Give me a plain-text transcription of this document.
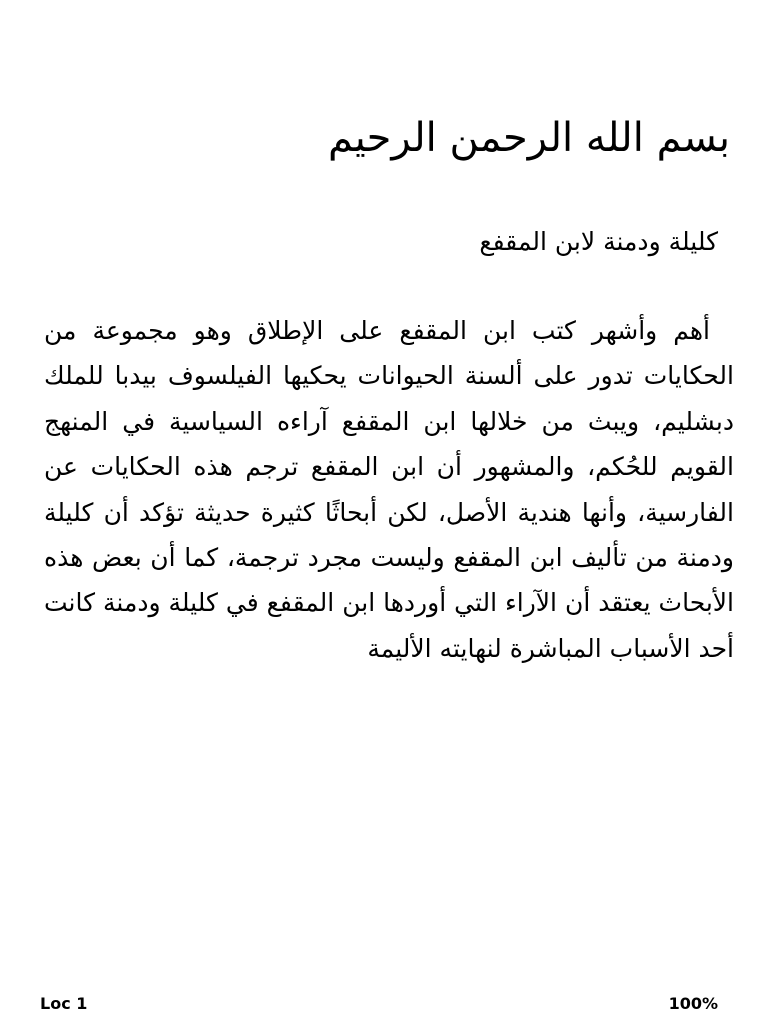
بسم الله الرحمن الرحيم
كليلة ودمنة لابن المقفع
أهم وأشهر كتب ابن المقفع على الإطلاق وهو مجموعة من الحكايات تدور على ألسنة الحيوانات يحكيها الفيلسوف بيدبا للملك دبشليم، ويبث من خلالها ابن المقفع آراءه السياسية في المنهج القويم للحُكم، والمشهور أن ابن المقفع ترجم هذه الحكايات عن الفارسية، وأنها هندية الأصل، لكن أبحاثًا كثيرة حديثة تؤكد أن كليلة ودمنة من تأليف ابن المقفع وليست مجرد ترجمة، كما أن بعض هذه الأبحاث يعتقد أن الآراء التي أوردها ابن المقفع في كليلة ودمنة كانت أحد الأسباب المباشرة لنهايته الأليمة
Loc 1	100%
